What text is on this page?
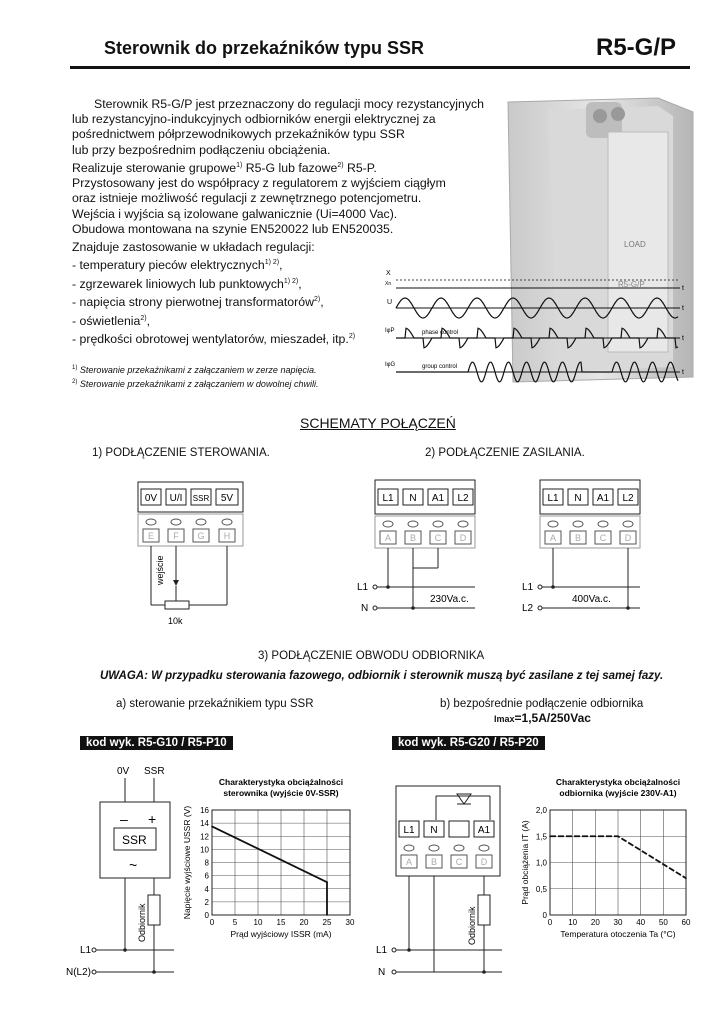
Sterownik do przekaźników typu SSR	R5-G/P
LOAD
R5-G/P

Sterownik R5-G/P jest przeznaczony do regulacji mocy rezystancyjnych

lub rezystancyjno-indukcyjnych odbiorników energii elektrycznej za

pośrednictwem półprzewodnikowych przekaźników typu SSR

lub przy bezpośrednim podłączeniu obciążenia.

Realizuje sterowanie grupowe$^{1)}$ R5-G lub fazowe$^{2)}$ R5-P.

Przystosowany jest do współpracy z regulatorem z wyjściem ciągłym

oraz istnieje możliwość regulacji z zewnętrznego potencjometru.

Wejścia i wyjścia są izolowane galwanicznie (Ui=4000 Vac).

Obudowa montowana na szynie EN520022 lub EN520035.

Znajduje zastosowanie w układach regulacji:

- temperatury pieców elektrycznych$^{1) 2)}$,

- zgrzewarek liniowych lub punktowych$^{1) 2)}$,

- napięcia strony pierwotnej transformatorów$^{2)}$,

- oświetlenia$^{2)}$,

- prędkości obrotowej wentylatorów, mieszadeł, itp.$^{2)}$

$^{1)}$ Sterowanie przekaźnikami z załączaniem w zerze napięcia.
$^{2)}$ Sterowanie przekaźnikami z załączaniem w dowolnej chwili.
X
Xn
t
U
t
IφP	phase control
t
IφG	group control
t
SCHEMATY POŁĄCZEŃ
1) PODŁĄCZENIE STEROWANIA.
0V U/I SSR 5V
E F G H
wejście
10k
2) PODŁĄCZENIE ZASILANIA.
L1 N A1 L2
A B C D
L1
N
230Va.c.
L1 N A1 L2
A B C D
L1
L2
400Va.c.
3) PODŁĄCZENIE OBWODU ODBIORNIKA
UWAGA: W przypadku sterowania fazowego, odbiornik i sterownik muszą być zasilane z tej samej fazy.
a) sterowanie przekaźnikiem typu SSR	b) bezpośrednie podłączenie odbiornika
Imax=1,5A/250Vac
kod wyk. R5-G10 / R5-P10	kod wyk. R5-G20 / R5-P20
0V SSR
– +
SSR
~
Odbiornik
L1
N(L2)
L1 N	A1
A B C D
Odbiornik
L1
N
Charakterystyka obciążalności
sterownika (wyjście 0V-SSR)
0 5 10 15 20 25 30
0
2
4
6
8
10
12
14
16
Prąd wyjściowy ISSR (mA)
Napięcie wyjściowe USSR (V)
Charakterystyka obciążalności
odbiornika (wyjście 230V-A1)
0 10 20 30 40 50 60
0
0,5
1,0
1,5
2,0
Temperatura otoczenia Ta (°C)
Prąd obciążenia IT (A)
